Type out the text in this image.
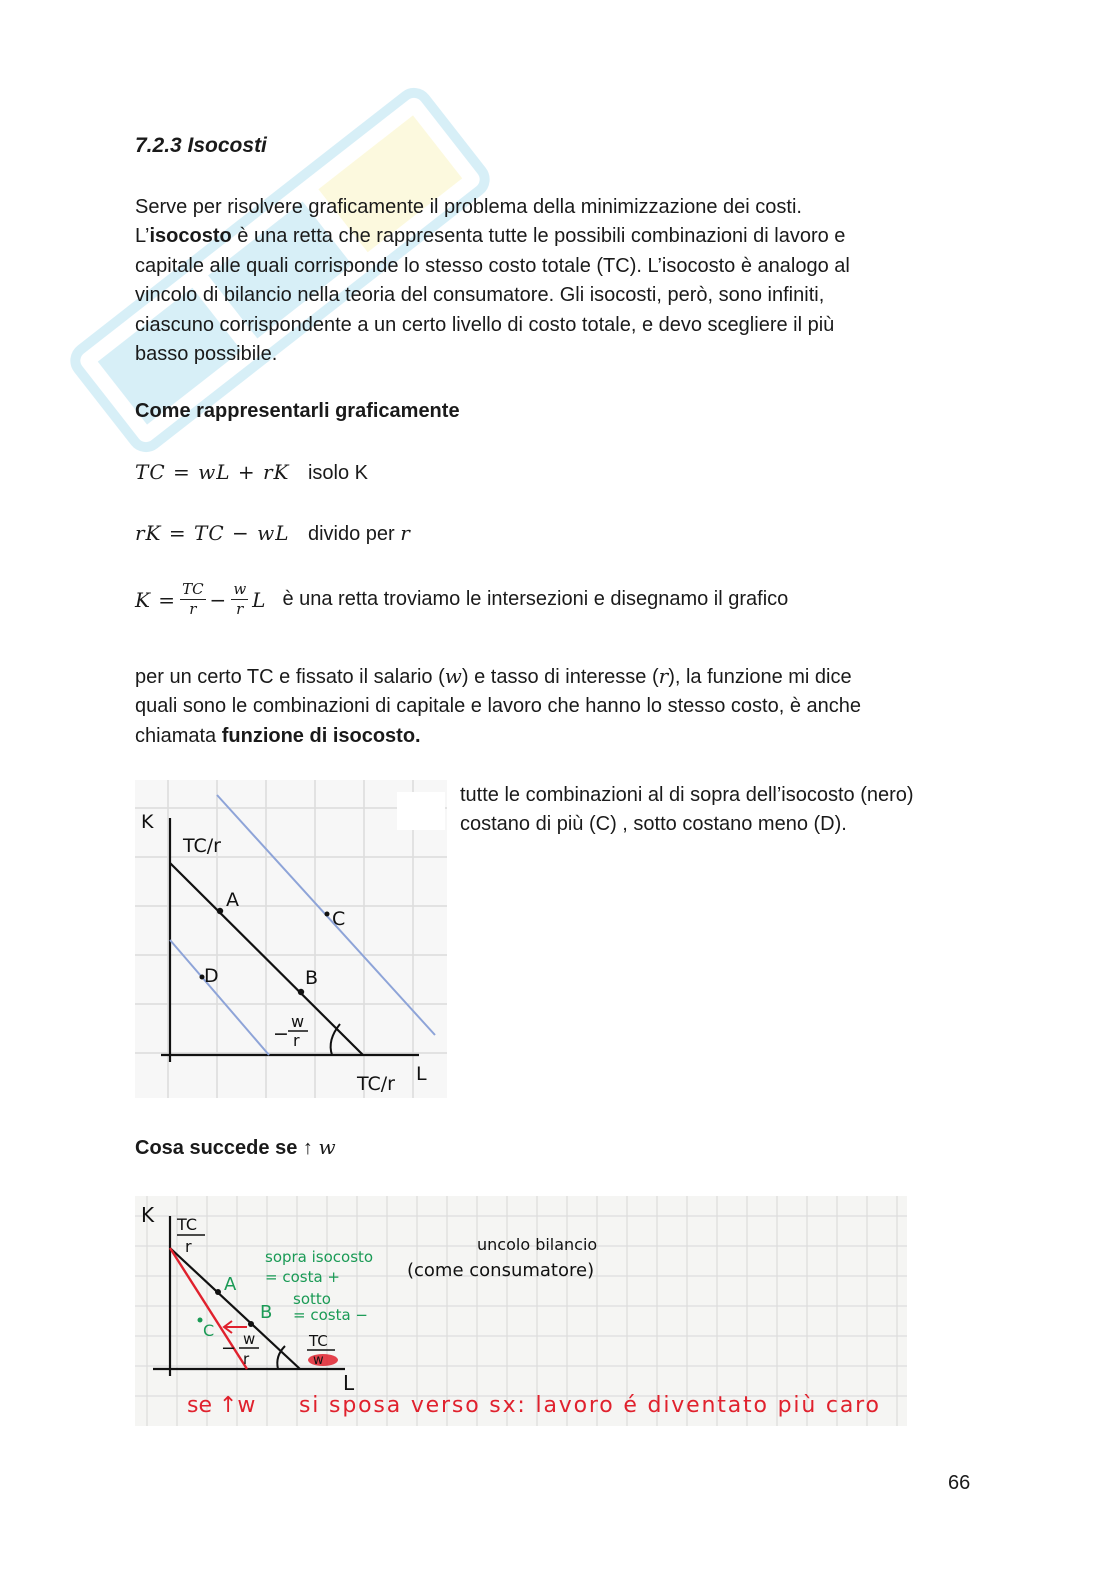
7.2.3 Isocosti
Serve per risolvere graficamente il problema della minimizzazione dei costi.
L’isocosto è una retta che rappresenta tutte le possibili combinazioni di lavoro e
capitale alle quali corrisponde lo stesso costo totale (TC). L’isocosto è analogo al
vincolo di bilancio nella teoria del consumatore. Gli isocosti, però, sono infiniti,
ciascuno corrispondente a un certo livello di costo totale, e devo scegliere il più
basso possibile.
Come rappresentarli graficamente
TC = wL + rK isolo K
rK = TC − wL divido per r
$K = \frac{TC}{r} - \frac{w}{r}$ L è una retta troviamo le intersezioni e disegnamo il grafico
per un certo TC e fissato il salario (w) e tasso di interesse (r), la funzione mi dice
quali sono le combinazioni di capitale e lavoro che hanno lo stesso costo, è anche
chiamata funzione di isocosto.
K
L
TC/r
TC/r
A
B
C
D
−
w
r
tutte le combinazioni al di sopra dell’isocosto (nero)
costano di più (C) , sotto costano meno (D).
Cosa succede se ↑ w
K
L
TC
r
A
B
C
− w
r
TC
w
sopra isocosto
= costa +
sotto
= costa −
uncolo bilancio
(come consumatore)
se ↑w si sposa verso sx: lavoro é diventato più caro
66
